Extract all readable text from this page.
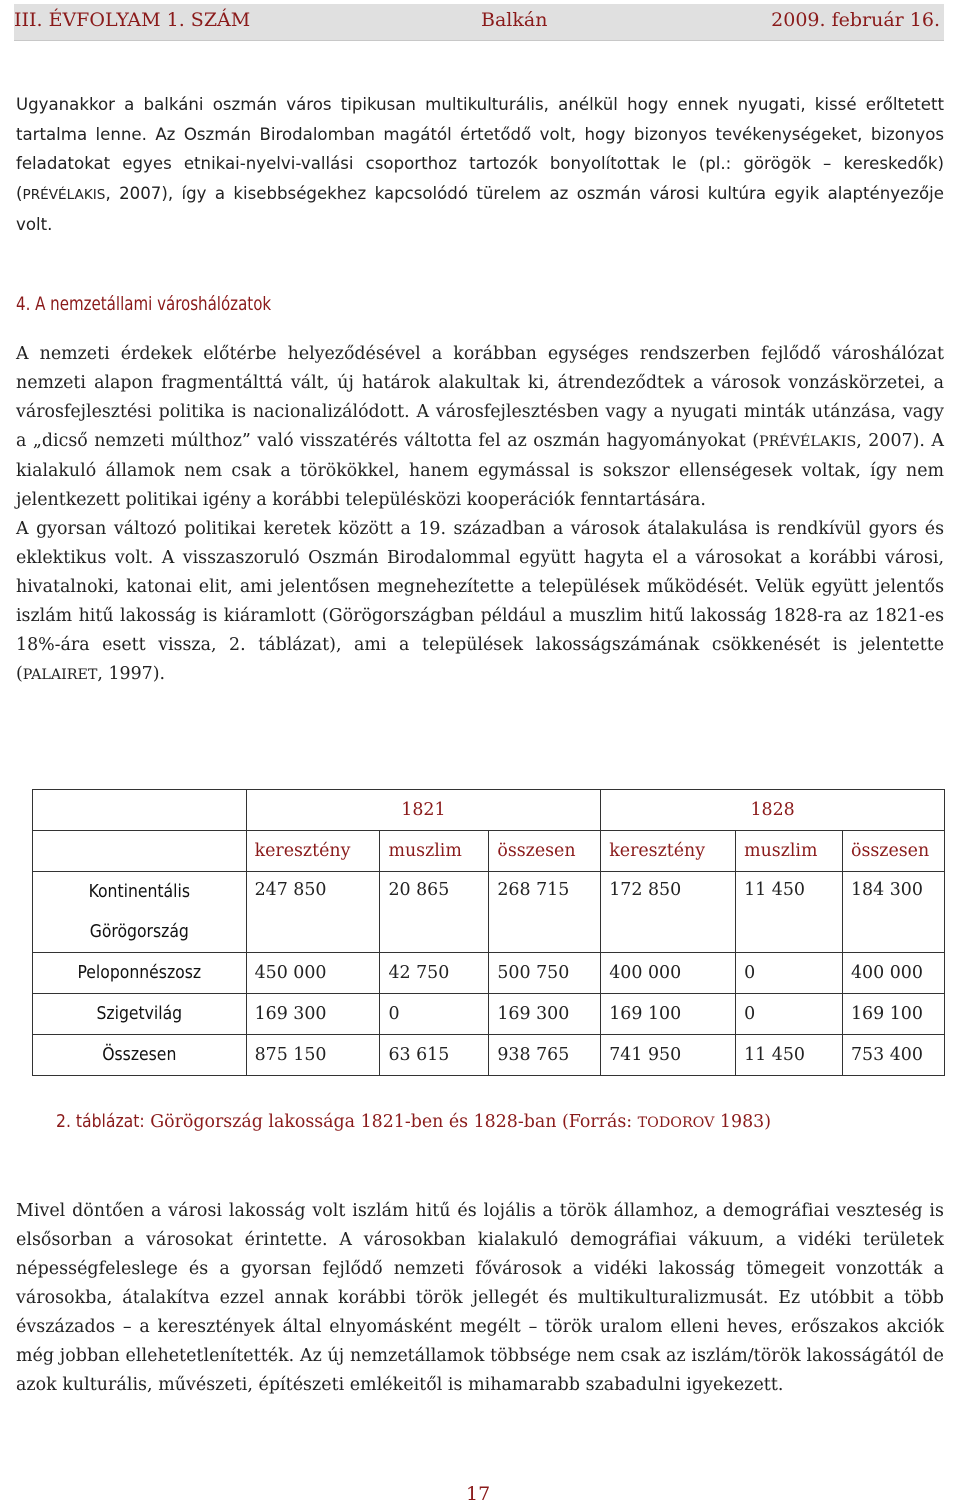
III. ÉVFOLYAM 1. SZÁM	Balkán	2009. február 16.

Ugyanakkor a balkáni oszmán város tipikusan multikulturális, anélkül hogy ennek nyugati, kissé erőltetett tartalma lenne. Az Oszmán Birodalomban magától értetődő volt, hogy bizonyos tevékenységeket, bizonyos feladatokat egyes etnikai-nyelvi-vallási csoporthoz tartozók bonyolítottak le (pl.: görögök – kereskedők) (PRÉVÉLAKIS, 2007), így a kisebbségekhez kapcsolódó türelem az oszmán városi kultúra egyik alaptényezője volt.

4. A nemzetállami városhálózatok

A nemzeti érdekek előtérbe helyeződésével a korábban egységes rendszerben fejlődő városhálózat nemzeti alapon fragmentálttá vált, új határok alakultak ki, átrendeződtek a városok vonzáskörzetei, a városfejlesztési politika is nacionalizálódott. A városfejlesztésben vagy a nyugati minták utánzása, vagy a „dicső nemzeti múlthoz” való visszatérés váltotta fel az oszmán hagyományokat (PRÉVÉLAKIS, 2007). A kialakuló államok nem csak a törökökkel, hanem egymással is sokszor ellenségesek voltak, így nem jelentkezett politikai igény a korábbi településközi kooperációk fenntartására.
A gyorsan változó politikai keretek között a 19. században a városok átalakulása is rendkívül gyors és eklektikus volt. A visszaszoruló Oszmán Birodalommal együtt hagyta el a városokat a korábbi városi, hivatalnoki, katonai elit, ami jelentősen megnehezítette a települések működését. Velük együtt jelentős iszlám hitű lakosság is kiáramlott (Görögországban például a muszlim hitű lakosság 1828-ra az 1821-es 18%-ára esett vissza, 2. táblázat), ami a települések lakosságszámának csökkenését is jelentette (PALAIRET, 1997).

	1821			1828		
	keresztény	muszlim	összesen	keresztény	muszlim	összesen
Kontinentális Görögország	247 850	20 865	268 715	172 850	11 450	184 300
Peloponnészosz	450 000	42 750	500 750	400 000	0	400 000
Szigetvilág	169 300	0	169 300	169 100	0	169 100
Összesen	875 150	63 615	938 765	741 950	11 450	753 400

2. táblázat: Görögország lakossága 1821-ben és 1828-ban (Forrás: TODOROV 1983)

Mivel döntően a városi lakosság volt iszlám hitű és lojális a török államhoz, a demográfiai veszteség is elsősorban a városokat érintette. A városokban kialakuló demográfiai vákuum, a vidéki területek népességfeleslege és a gyorsan fejlődő nemzeti fővárosok a vidéki lakosság tömegeit vonzották a városokba, átalakítva ezzel annak korábbi török jellegét és multikulturalizmusát. Ez utóbbit a több évszázados – a keresztények által elnyomásként megélt – török uralom elleni heves, erőszakos akciók még jobban ellehetetlenítették. Az új nemzetállamok többsége nem csak az iszlám/török lakosságától de azok kulturális, művészeti, építészeti emlékeitől is mihamarabb szabadulni igyekezett.

17
